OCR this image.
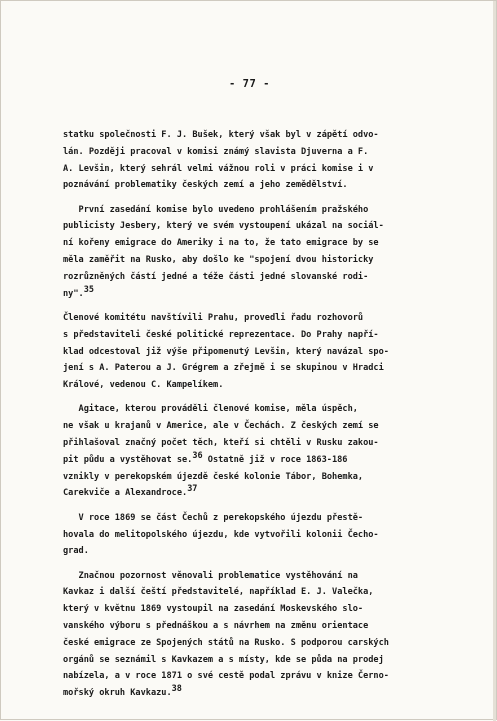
- 77 -
statku společnosti F. J. Bušek, který však byl v zápětí odvo-
lán. Později pracoval v komisi známý slavista Djuverna a F.
A. Levšin, který sehrál velmi vážnou roli v práci komise i v
poznávání problematiky českých zemí a jeho zemědělství.
První zasedání komise bylo uvedeno prohlášením pražského
publicisty Jesbery, který ve svém vystoupení ukázal na sociál-
ní kořeny emigrace do Ameriky i na to, že tato emigrace by se
měla zaměřit na Rusko, aby došlo ke "spojení dvou historicky
rozrůzněných částí jedné a téže části jedné slovanské rodi-
ny".$^{35}$
Členové komitétu navštívili Prahu, provedli řadu rozhovorů
s představiteli české politické reprezentace. Do Prahy napří-
klad odcestoval již výše připomenutý Levšin, který navázal spo-
jení s A. Paterou a J. Grégrem a zřejmě i se skupinou v Hradci
Králové, vedenou C. Kampelíkem.
Agitace, kterou prováděli členové komise, měla úspěch,
ne však u krajanů v Americe, ale v Čechách. Z českých zemí se
přihlašoval značný počet těch, kteří si chtěli v Rusku zakou-
pit půdu a vystěhovat se.$^{36}$ Ostatně již v roce 1863-186
vznikly v perekopském újezdě české kolonie Tábor, Bohemka,
Carekviče a Alexandroce.$^{37}$
V roce 1869 se část Čechů z perekopského újezdu přestě-
hovala do melitopolského újezdu, kde vytvořili kolonii Čecho-
grad.
Značnou pozornost věnovali problematice vystěhování na
Kavkaz i další čeští představitelé, například E. J. Valečka,
který v květnu 1869 vystoupil na zasedání Moskevského slo-
vanského výboru s přednáškou a s návrhem na změnu orientace
české emigrace ze Spojených států na Rusko. S podporou carských
orgánů se seznámil s Kavkazem a s místy, kde se půda na prodej
nabízela, a v roce 1871 o své cestě podal zprávu v knize Černo-
mořský okruh Kavkazu.$^{38}$
